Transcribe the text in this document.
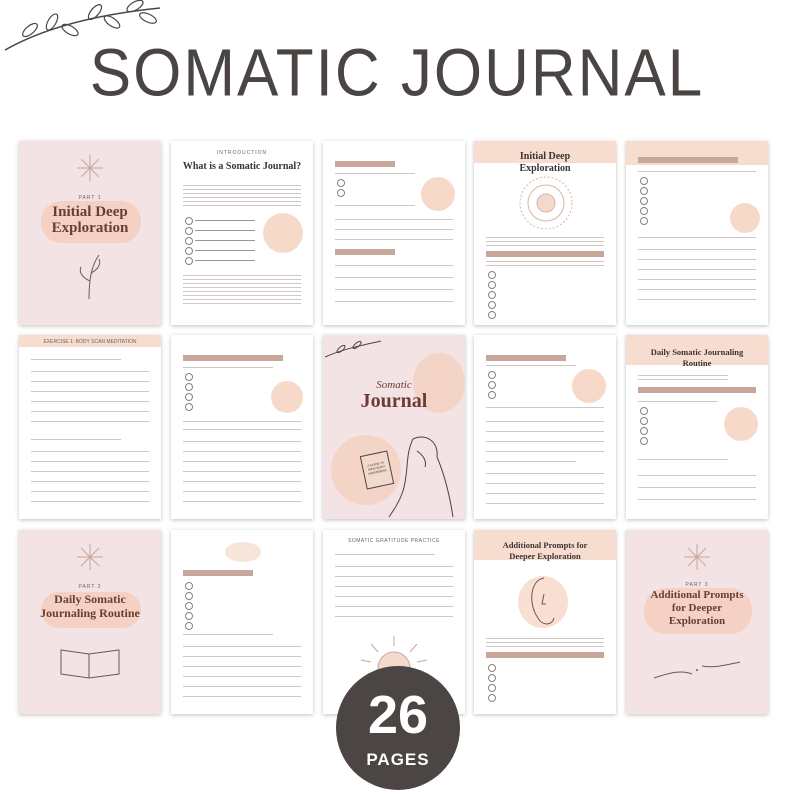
SOMATIC JOURNAL
PART 1
Initial Deep
Exploration
INTRODUCTION
What is a Somatic Journal?
Initial Deep
Exploration
EXERCISE 1: BODY SCAN MEDITATION
Somatic
Journal
A GUIDE TO MIND-BODY AWARENESS
Daily Somatic Journaling
Routine
PART 2
Daily Somatic
Journaling Routine
SOMATIC GRATITUDE PRACTICE	Additional Prompts for
Deeper Exploration
PART 3
Additional Prompts
for Deeper
Exploration
26
PAGES
